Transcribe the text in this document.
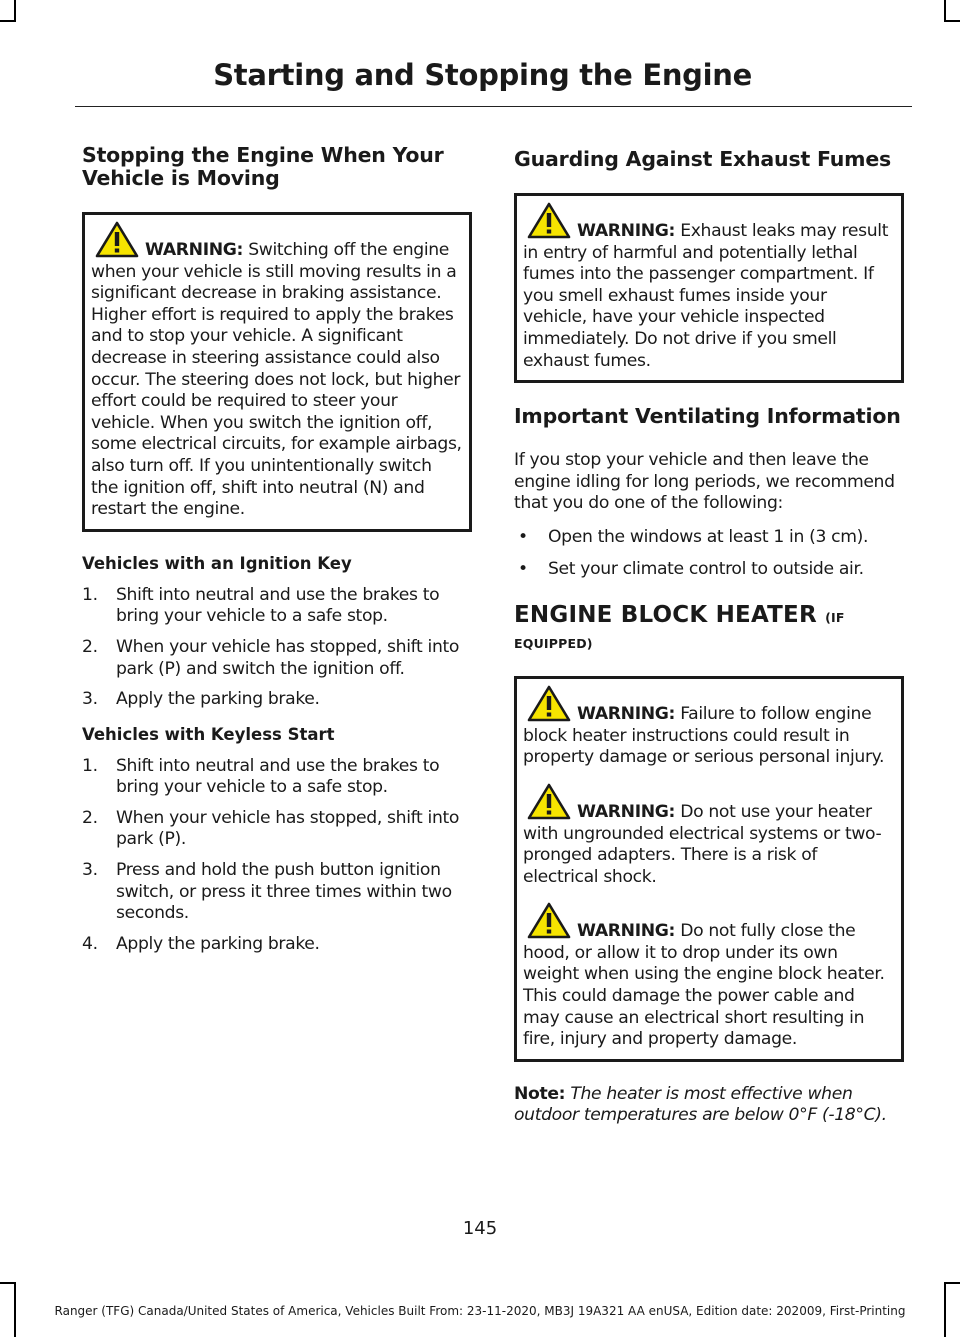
Starting and Stopping the Engine
Stopping the Engine When Your Vehicle is Moving

WARNING: Switching off the engine when your vehicle is still moving results in a significant decrease in braking assistance. Higher effort is required to apply the brakes and to stop your vehicle. A significant decrease in steering assistance could also occur. The steering does not lock, but higher effort could be required to steer your vehicle. When you switch the ignition off, some electrical circuits, for example airbags, also turn off. If you unintentionally switch the ignition off, shift into neutral (N) and restart the engine.

Vehicles with an Ignition Key
1. Shift into neutral and use the brakes to bring your vehicle to a safe stop.
2. When your vehicle has stopped, shift into park (P) and switch the ignition off.
3. Apply the parking brake.
Vehicles with Keyless Start
1. Shift into neutral and use the brakes to bring your vehicle to a safe stop.
2. When your vehicle has stopped, shift into park (P).
3. Press and hold the push button ignition switch, or press it three times within two seconds.
4. Apply the parking brake.
Guarding Against Exhaust Fumes

WARNING: Exhaust leaks may result in entry of harmful and potentially lethal fumes into the passenger compartment. If you smell exhaust fumes inside your vehicle, have your vehicle inspected immediately. Do not drive if you smell exhaust fumes.

Important Ventilating Information

If you stop your vehicle and then leave the engine idling for long periods, we recommend that you do one of the following:

• Open the windows at least 1 in (3 cm).
• Set your climate control to outside air.
ENGINE BLOCK HEATER (IF EQUIPPED)

WARNING: Failure to follow engine block heater instructions could result in property damage or serious personal injury.

WARNING: Do not use your heater with ungrounded electrical systems or two-pronged adapters. There is a risk of electrical shock.

WARNING: Do not fully close the hood, or allow it to drop under its own weight when using the engine block heater. This could damage the power cable and may cause an electrical short resulting in fire, injury and property damage.

Note: The heater is most effective when outdoor temperatures are below 0°F (-18°C).

145
Ranger (TFG) Canada/United States of America, Vehicles Built From: 23-11-2020, MB3J 19A321 AA enUSA, Edition date: 202009, First-Printing
